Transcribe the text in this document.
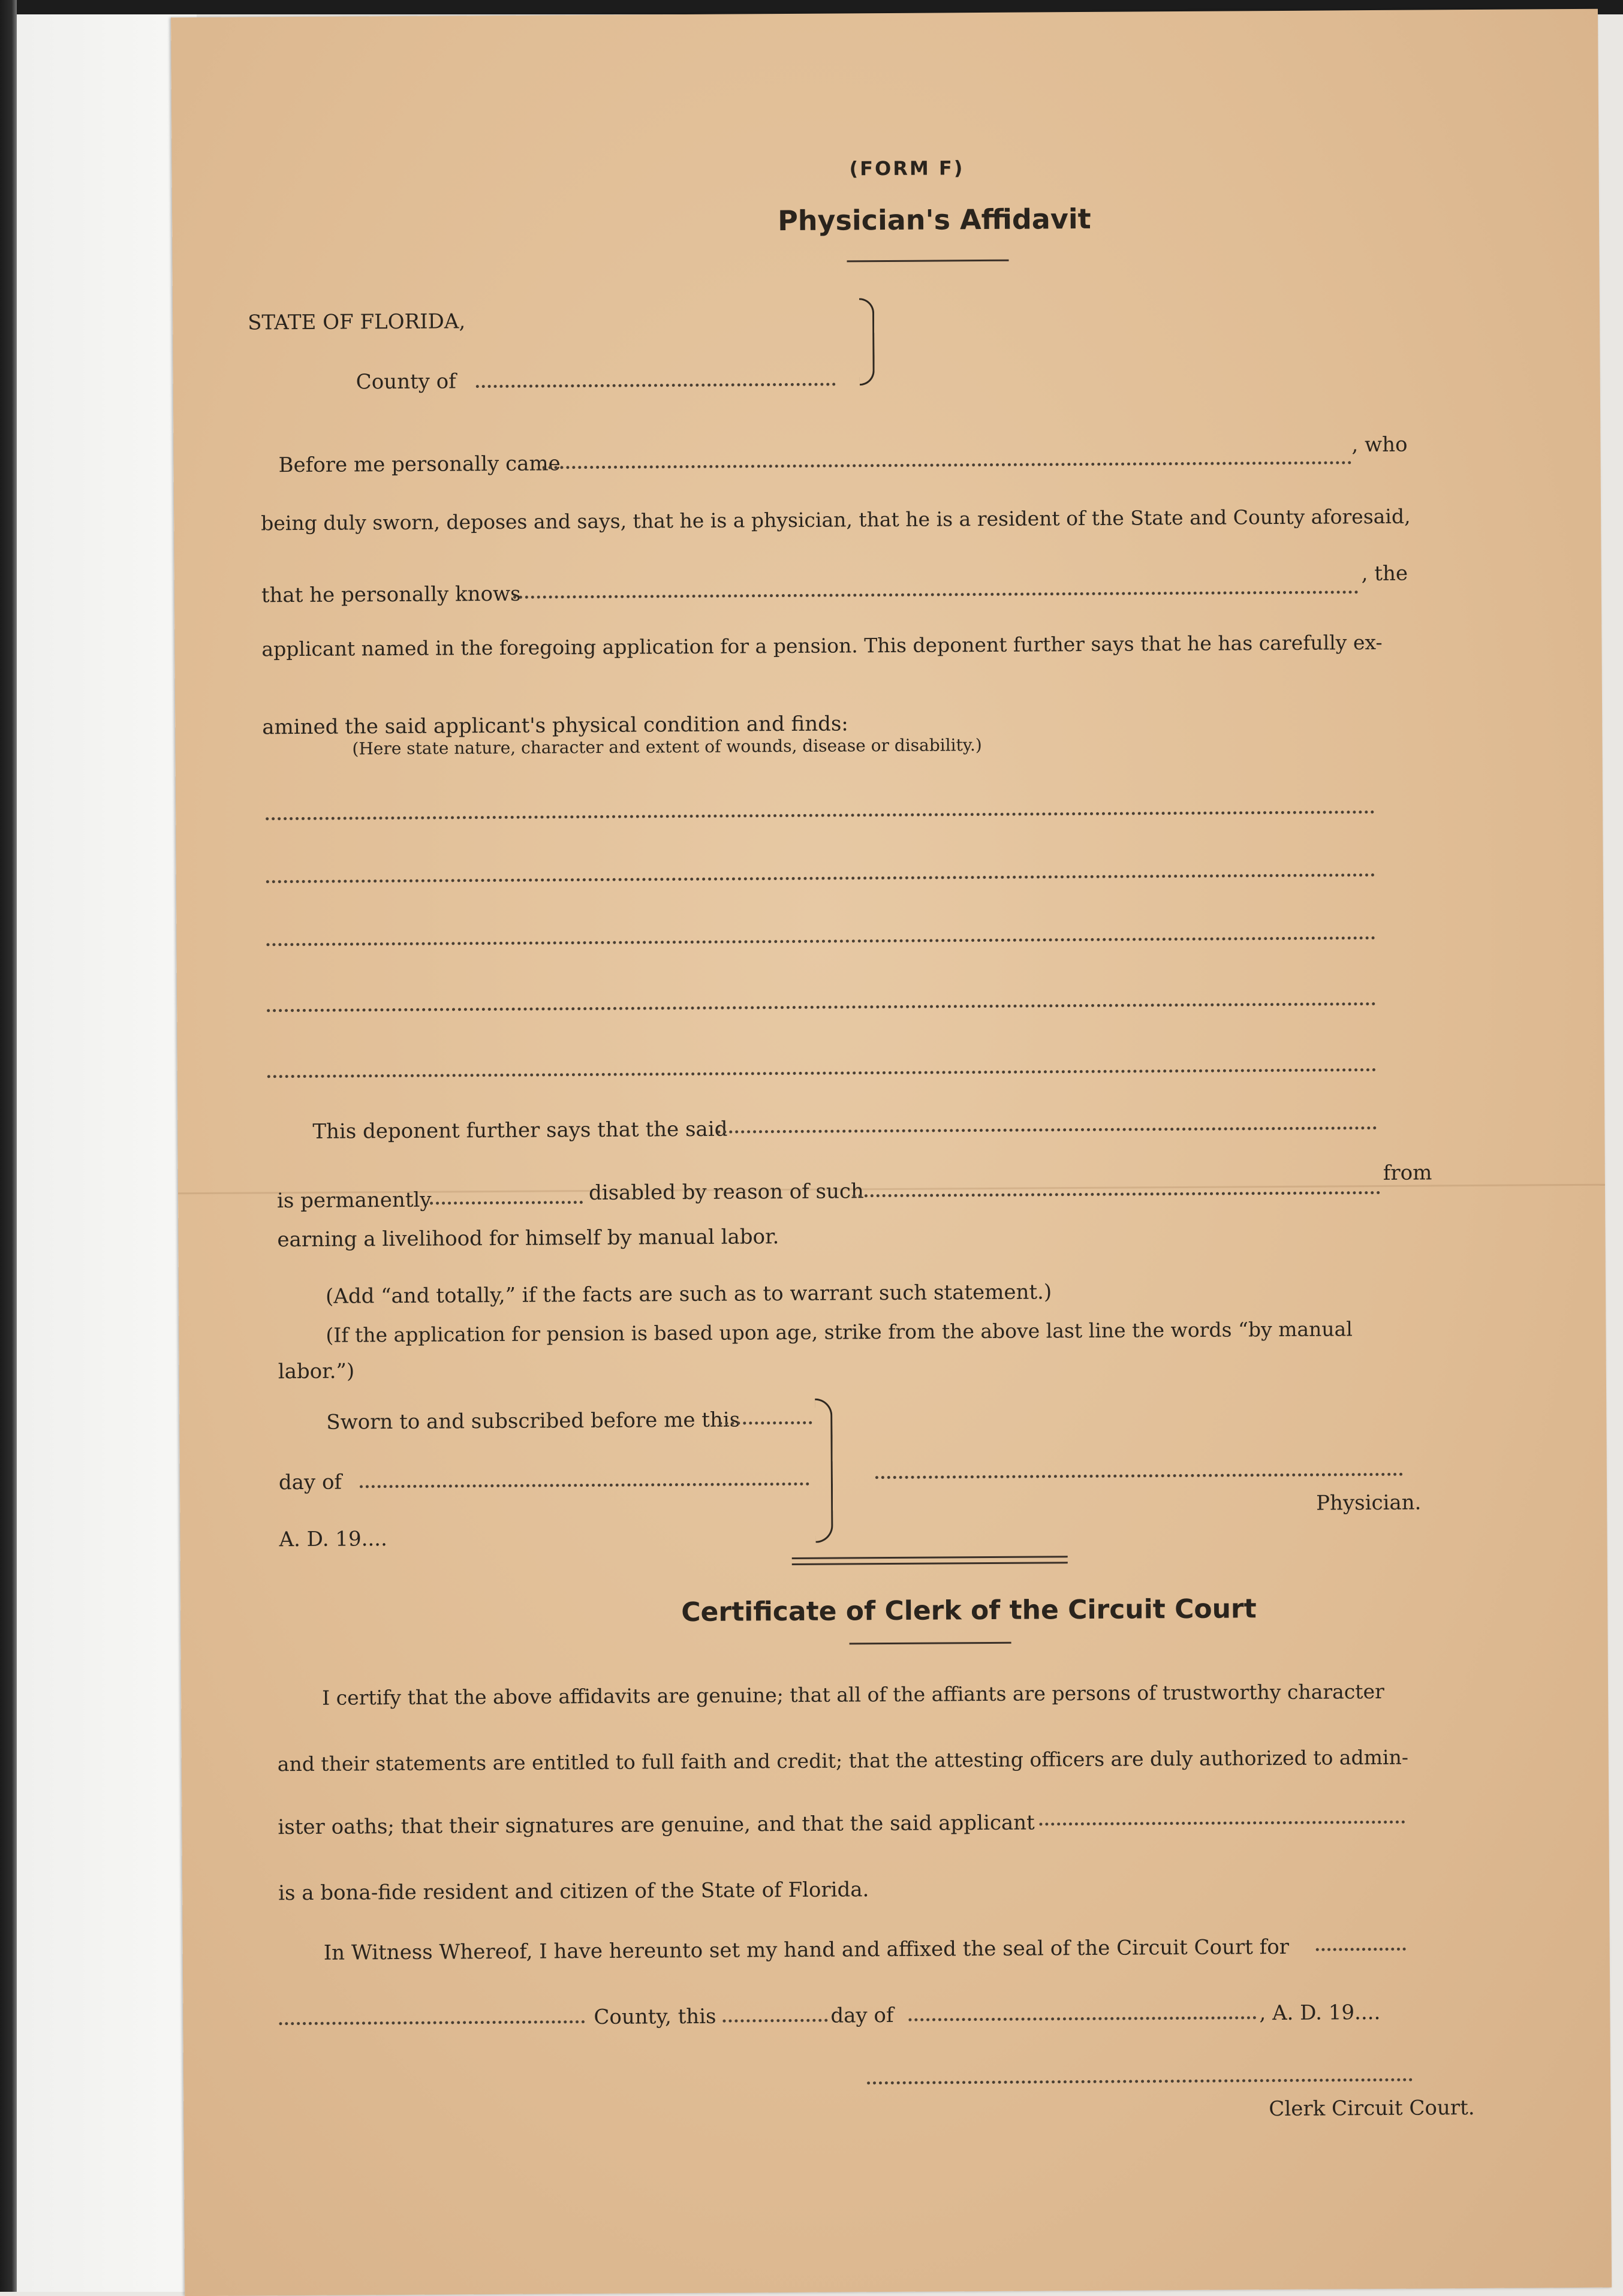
​
(FORM F)
Physician's Affidavit
STATE OF FLORIDA,
County of
Before me personally came
, who
being duly sworn, deposes and says, that he is a physician, that he is a resident of the State and County aforesaid,
that he personally knows
, the
applicant named in the foregoing application for a pension. This deponent further says that he has carefully ex-
amined the said applicant's physical condition and finds:
(Here state nature, character and extent of wounds, disease or disability.)
This deponent further says that the said
is permanently	disabled by reason of such
from
earning a livelihood for himself by manual labor.
(Add “and totally,” if the facts are such as to warrant such statement.)
(If the application for pension is based upon age, strike from the above last line the words “by manual
labor.”)
Sworn to and subscribed before me this
day of
A. D. 19....
Physician.
Certificate of Clerk of the Circuit Court
I certify that the above affidavits are genuine; that all of the affiants are persons of trustworthy character
and their statements are entitled to full faith and credit; that the attesting officers are duly authorized to admin-
ister oaths; that their signatures are genuine, and that the said applicant
is a bona-fide resident and citizen of the State of Florida.
In Witness Whereof, I have hereunto set my hand and affixed the seal of the Circuit Court for
County, this	day of	, A. D. 19....
Clerk Circuit Court.
